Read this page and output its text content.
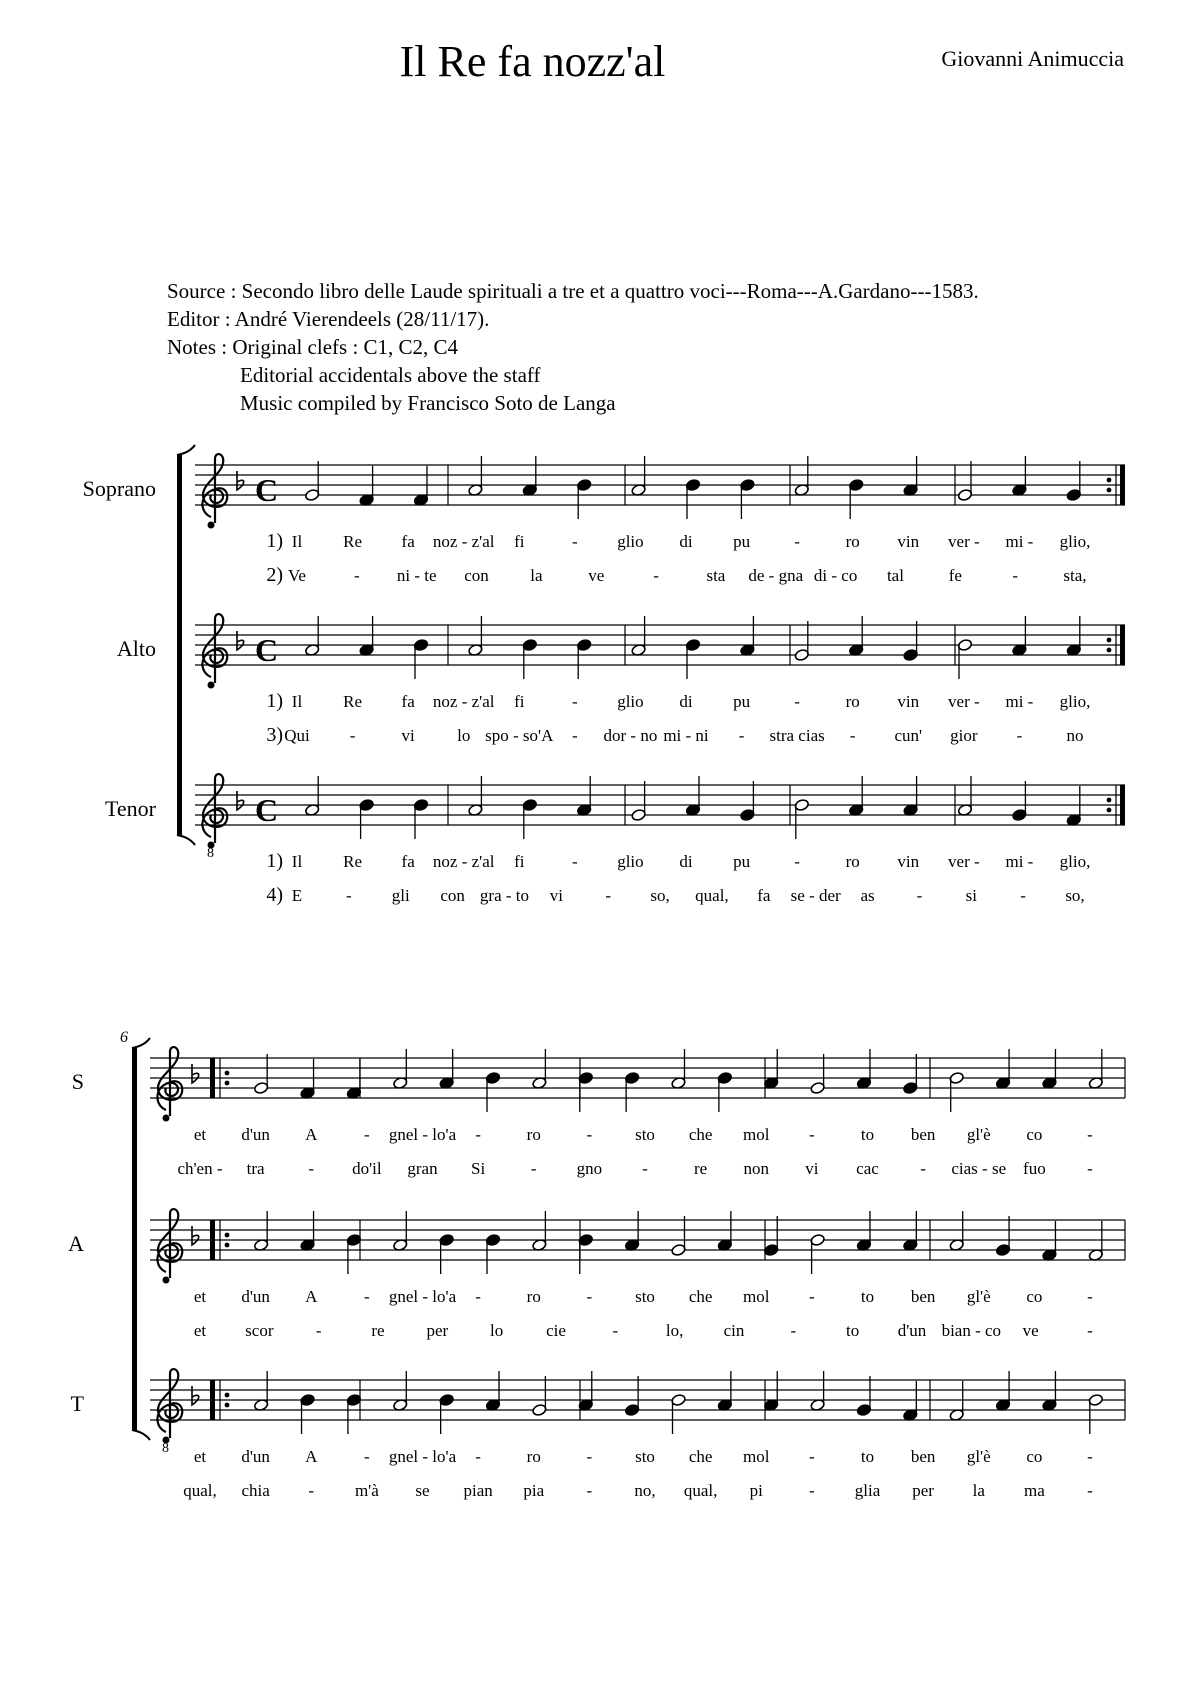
Il Re fa nozz'al	Giovanni Animuccia
Source : Secondo libro delle Laude spirituali a tre et a quattro voci---Roma---A.Gardano---1583.
Editor : André Vierendeels (28/11/17).
Notes : Original clefs : C1, C2, C4
Editorial accidentals above the staff
Music compiled by Francisco Soto de Langa
Soprano	C
1) Il Re fa noz - z'al fi	- glio di pu	-	ro vin ver - mi - glio,
2) Ve	- ni - te con la	ve	-	sta de - gna di - co tal	fe	-	sta,
Alto	C
1) Il Re fa noz - z'al fi	- glio di pu	-	ro vin ver - mi - glio,
3) Qui -	vi lo spo - so'A - dor - no mi - ni - stra cias - cun' gior -	no
Tenor
8
C
1) Il Re fa noz - z'al fi	- glio di pu	-	ro vin ver - mi - glio,
4) E	- gli con gra - to vi - so, qual, fa se - der as -	si	- so,
6
S
et d'un A	- gnel - lo'a -	ro	-	sto che mol -	to ben gl'è co	-
ch'en - tra	- do'il gran Si	- gno -	re non vi cac - cias - se fuo -
A
et d'un A	- gnel - lo'a -	ro	-	sto che mol -	to ben gl'è co	-
et scor -	re per lo	cie	-	lo, cin	-	to d'un bian - co ve	-
T
8 et d'un A	- gnel - lo'a -	ro	-	sto che mol -	to ben gl'è co	-
qual, chia - m'à se pian pia - no, qual, pi	- glia per la ma -
